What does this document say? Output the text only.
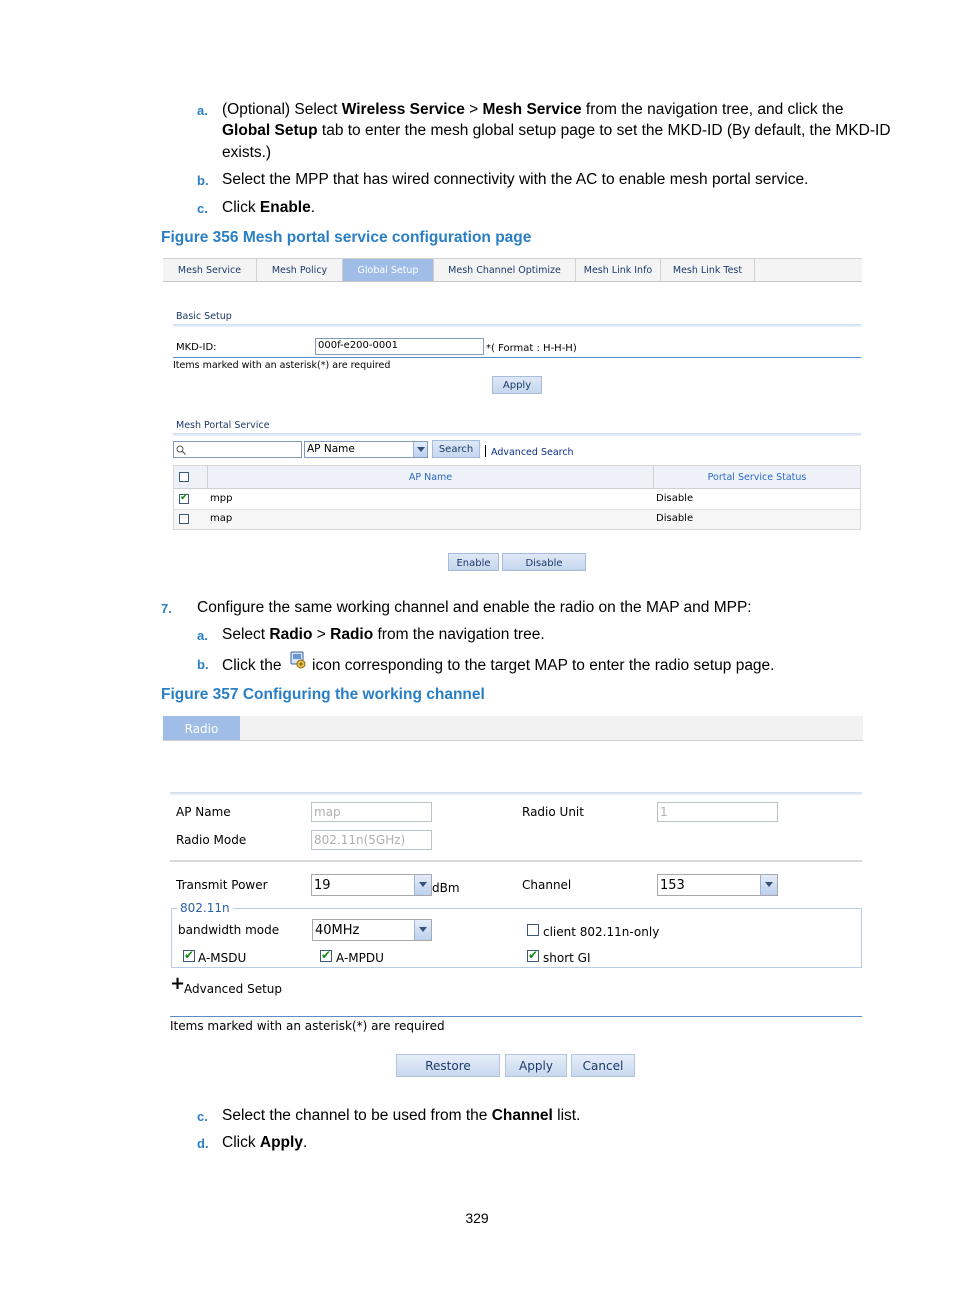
a. (Optional) Select Wireless Service > Mesh Service from the navigation tree, and click the
Global Setup tab to enter the mesh global setup page to set the MKD-ID (By default, the MKD-ID
exists.)
b. Select the MPP that has wired connectivity with the AC to enable mesh portal service.
c. Click Enable.
Figure 356 Mesh portal service configuration page
Mesh Service	Mesh Policy	Global Setup	Mesh Channel Optimize	Mesh Link Info	Mesh Link Test
Basic Setup
MKD-ID:	000f-e200-0001	*( Format : H-H-H)
Items marked with an asterisk(*) are required
Apply
Mesh Portal Service
AP Name	Search	Advanced Search
AP Name	Portal Service Status
✔
mpp	Disable
map	Disable
Enable	Disable
7. Configure the same working channel and enable the radio on the MAP and MPP:
a. Select Radio > Radio from the navigation tree.
b. Click the
icon corresponding to the target MAP to enter the radio setup page.
Figure 357 Configuring the working channel
Radio
AP Name	map	Radio Unit	1
Radio Mode	802.11n(5GHz)
Transmit Power	19	dBm	Channel	153
802.11n
bandwidth mode	40MHz	client 802.11n-only
✔
A-MSDU ✔	A-MPDU ✔	short GI
+
Advanced Setup
Items marked with an asterisk(*) are required
Restore	Apply	Cancel
c. Select the channel to be used from the Channel list.
d. Click Apply.
329
